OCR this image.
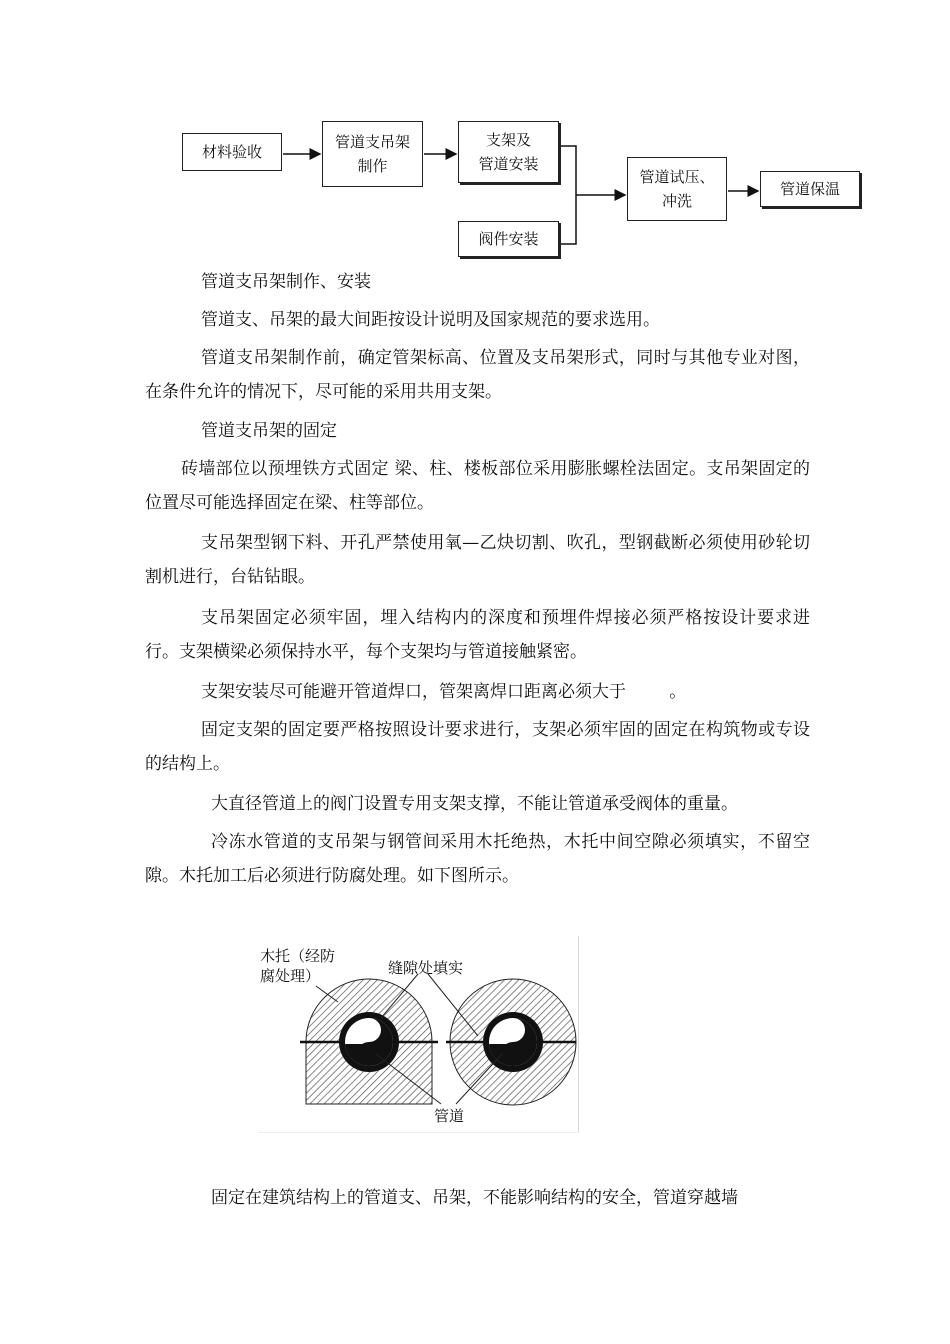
材料验收
管道支吊架
制作
支架及
管道安装
阀件安装
管道试压、
冲洗
管道保温

管道支吊架制作、安装

管道支、吊架的最大间距按设计说明及国家规范的要求选用。

管道支吊架制作前，确定管架标高、位置及支吊架形式，同时与其他专业对图，在条件允许的情况下，尽可能的采用共用支架。

管道支吊架的固定

砖墙部位以预埋铁方式固定 梁、柱、楼板部位采用膨胀螺栓法固定。支吊架固定的位置尽可能选择固定在梁、柱等部位。

支吊架型钢下料、开孔严禁使用氧—乙炔切割、吹孔，型钢截断必须使用砂轮切割机进行，台钻钻眼。

支吊架固定必须牢固，埋入结构内的深度和预埋件焊接必须严格按设计要求进行。支架横梁必须保持水平，每个支架均与管道接触紧密。

支架安装尽可能避开管道焊口，管架离焊口距离必须大于        。

固定支架的固定要严格按照设计要求进行，支架必须牢固的固定在构筑物或专设的结构上。

大直径管道上的阀门设置专用支架支撑，不能让管道承受阀体的重量。

冷冻水管道的支吊架与钢管间采用木托绝热，木托中间空隙必须填实，不留空隙。木托加工后必须进行防腐处理。如下图所示。

木托（经防
腐处理）	缝隙处填实
管道

固定在建筑结构上的管道支、吊架，不能影响结构的安全，管道穿越墙
